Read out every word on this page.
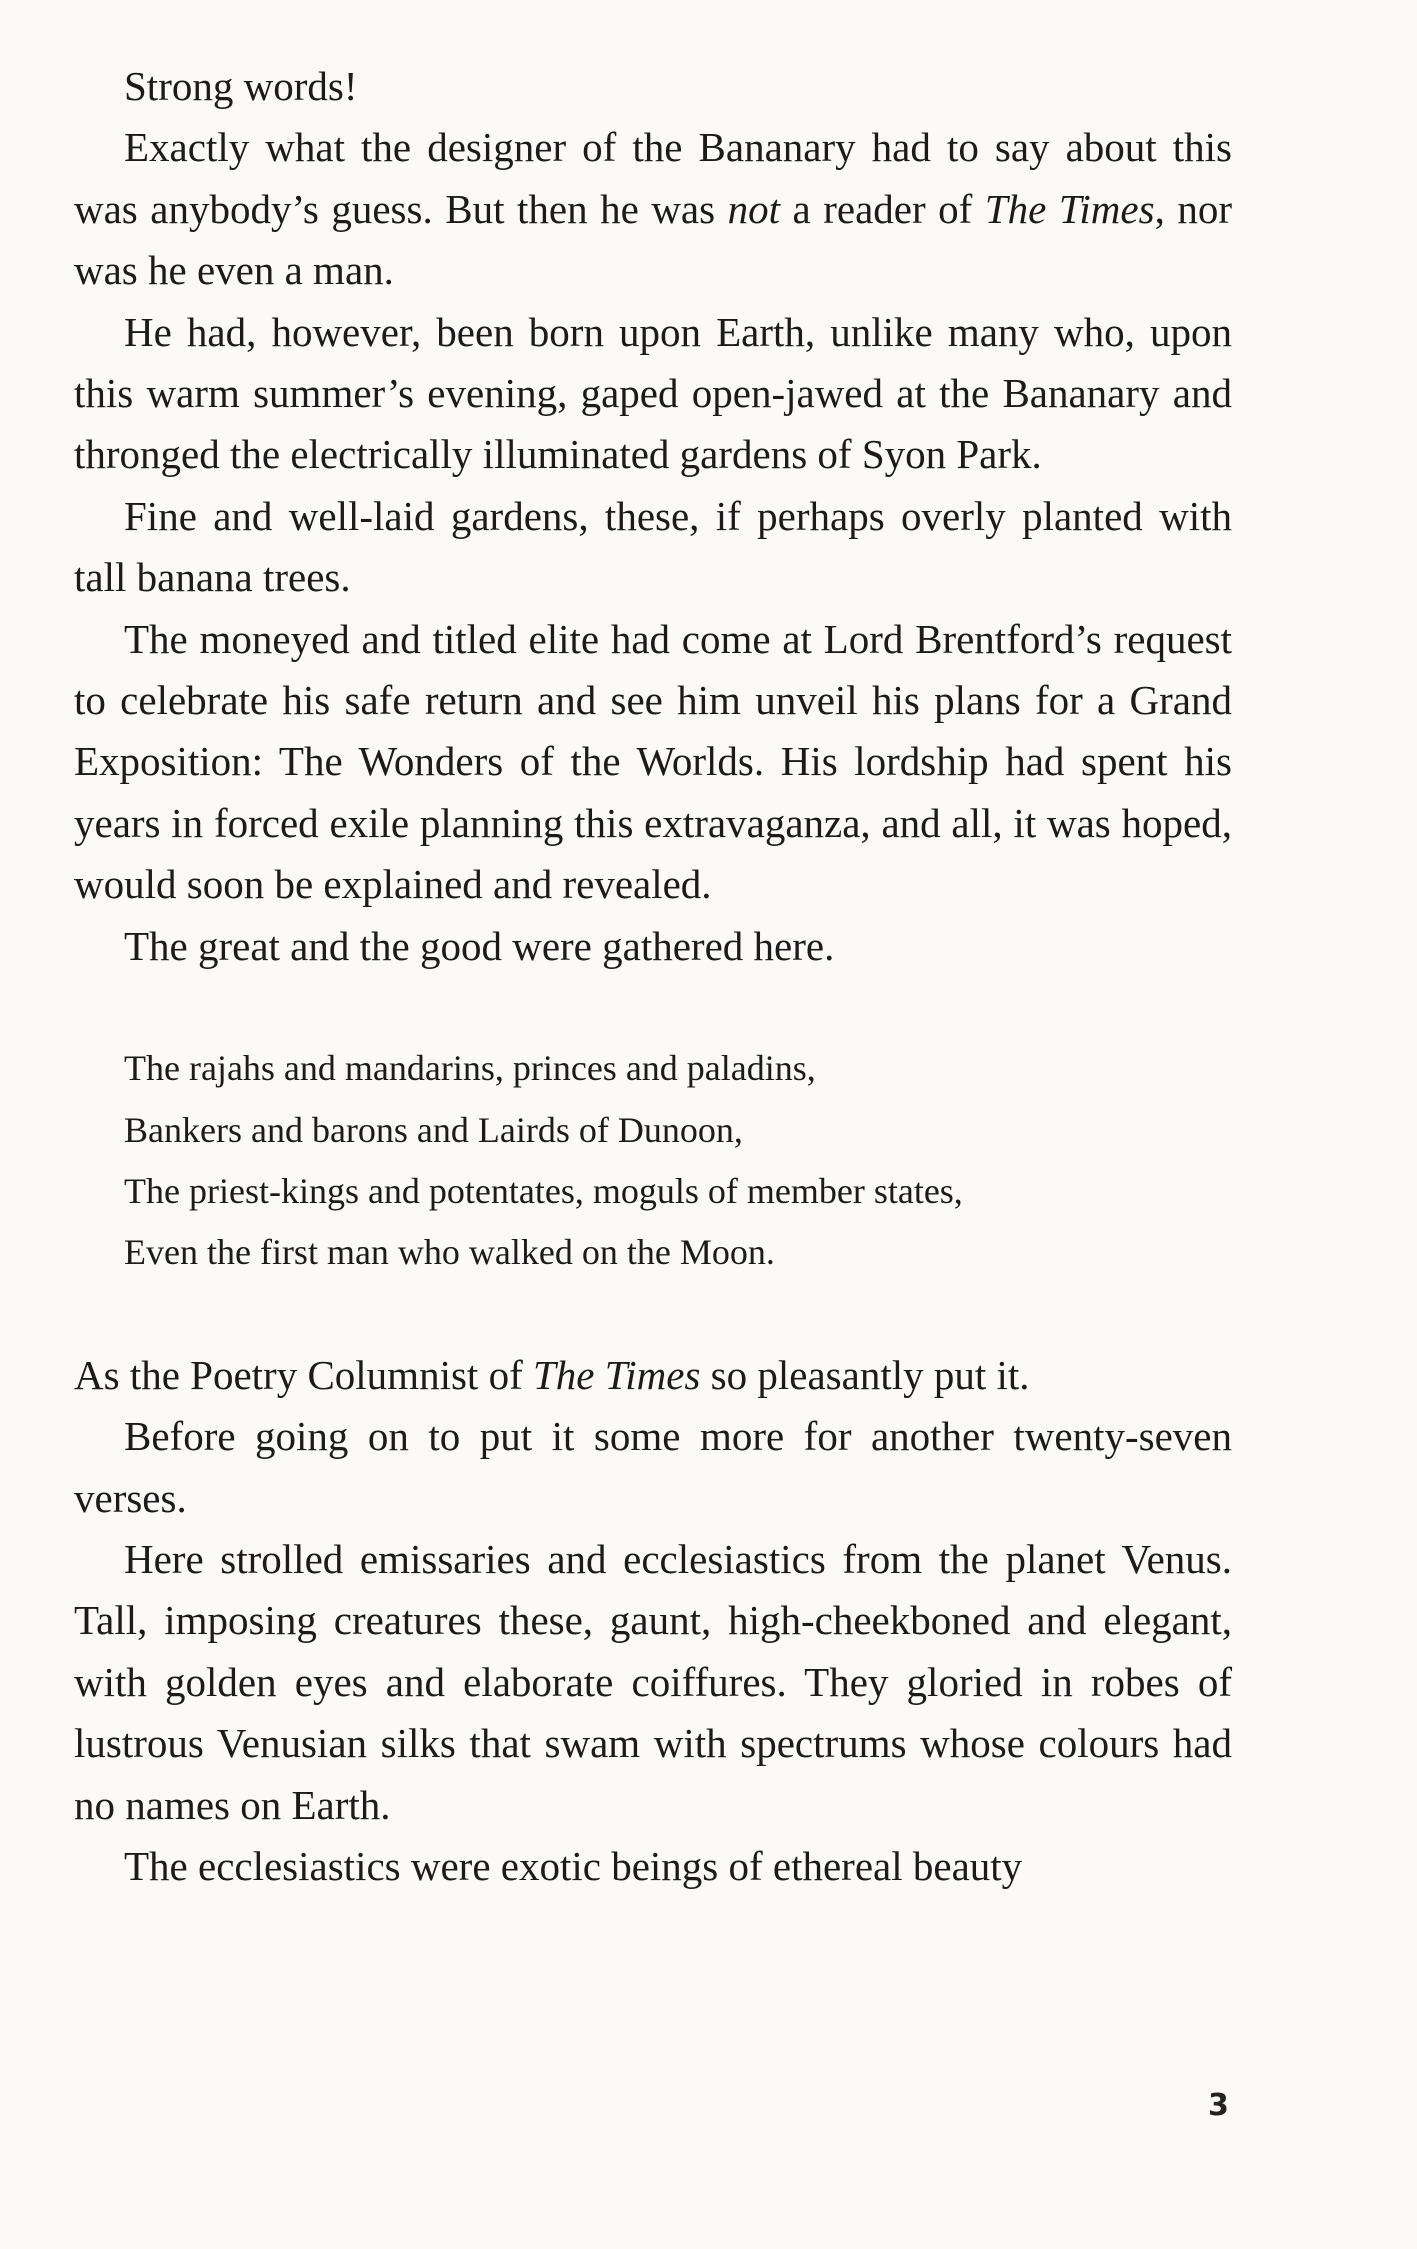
Strong words!

Exactly what the designer of the Bananary had to say about this was anybody’s guess. But then he was not a reader of The Times, nor was he even a man.

He had, however, been born upon Earth, unlike many who, upon this warm summer’s evening, gaped open-jawed at the Bananary and thronged the electrically illuminated gardens of Syon Park.

Fine and well-laid gardens, these, if perhaps overly planted with tall banana trees.

The moneyed and titled elite had come at Lord Brentford’s request to celebrate his safe return and see him unveil his plans for a Grand Exposition: The Wonders of the Worlds. His lordship had spent his years in forced exile planning this extravaganza, and all, it was hoped, would soon be explained and revealed.

The great and the good were gathered here.

The rajahs and mandarins, princes and paladins,
Bankers and barons and Lairds of Dunoon,
The priest-kings and potentates, moguls of member states,
Even the first man who walked on the Moon.

As the Poetry Columnist of The Times so pleasantly put it.

Before going on to put it some more for another twenty-seven verses.

Here strolled emissaries and ecclesiastics from the planet Venus. Tall, imposing creatures these, gaunt, high-cheekboned and elegant, with golden eyes and elaborate coiffures. They gloried in robes of lustrous Venusian silks that swam with spectrums whose colours had no names on Earth.

The ecclesiastics were exotic beings of ethereal beauty

3
